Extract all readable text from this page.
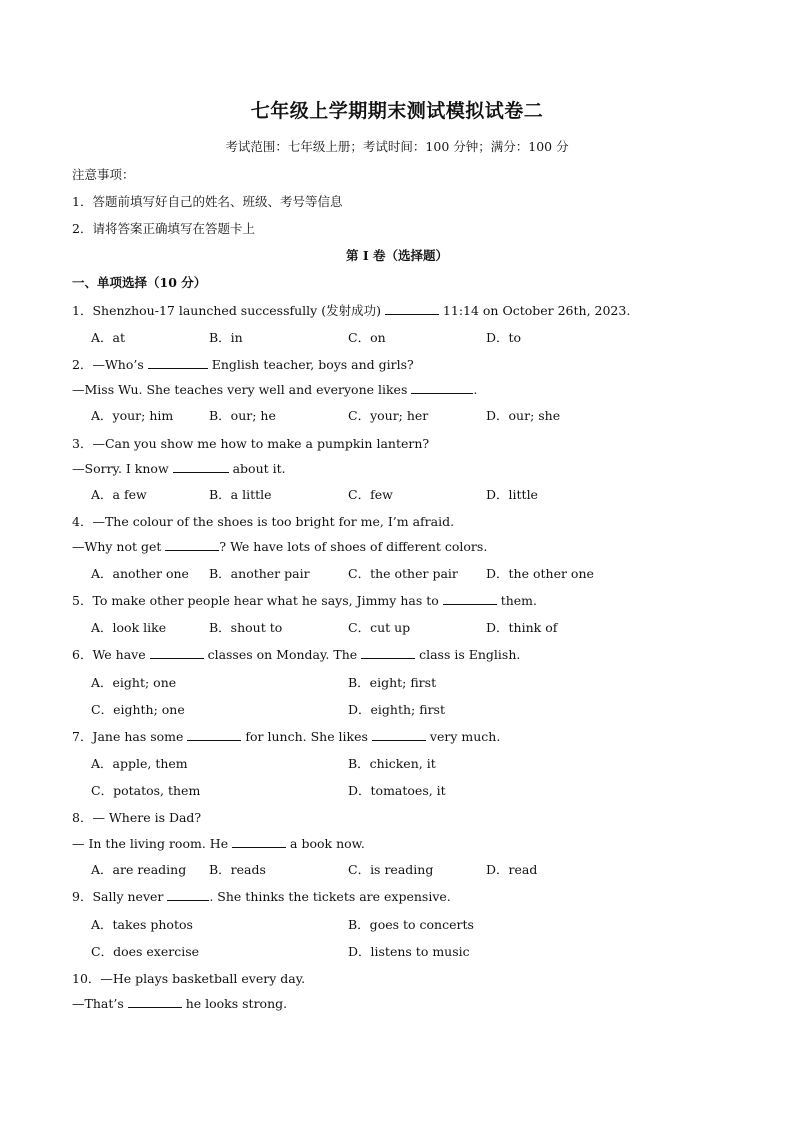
七年级上学期期末测试模拟试卷二
考试范围：七年级上册；考试时间：100 分钟；满分：100 分
注意事项：
1．答题前填写好自己的姓名、班级、考号等信息
2．请将答案正确填写在答题卡上
第 I 卷（选择题）
一、单项选择（10 分）
1．Shenzhou-17 launched successfully (发射成功)	11:14 on October 26th, 2023.
A．at	B．in	C．on	D．to
2．—Who’s	English teacher, boys and girls?
—Miss Wu. She teaches very well and everyone likes	.
A．your; him	B．our; he	C．your; her	D．our; she
3．—Can you show me how to make a pumpkin lantern?
—Sorry. I know	about it.
A．a few	B．a little	C．few	D．little
4．—The colour of the shoes is too bright for me, I’m afraid.
—Why not get	? We have lots of shoes of different colors.
A．another one B．another pair	C．the other pair D．the other one
5．To make other people hear what he says, Jimmy has to	them.
A．look like	B．shout to	C．cut up	D．think of
6．We have	classes on Monday. The	class is English.
A．eight; one	B．eight; first
C．eighth; one	D．eighth; first
7．Jane has some	for lunch. She likes	very much.
A．apple, them	B．chicken, it
C．potatos, them	D．tomatoes, it
8．— Where is Dad?
— In the living room. He	a book now.
A．are reading B．reads	C．is reading	D．read
9．Sally never	. She thinks the tickets are expensive.
A．takes photos	B．goes to concerts
C．does exercise	D．listens to music
10．—He plays basketball every day.
—That’s	he looks strong.
